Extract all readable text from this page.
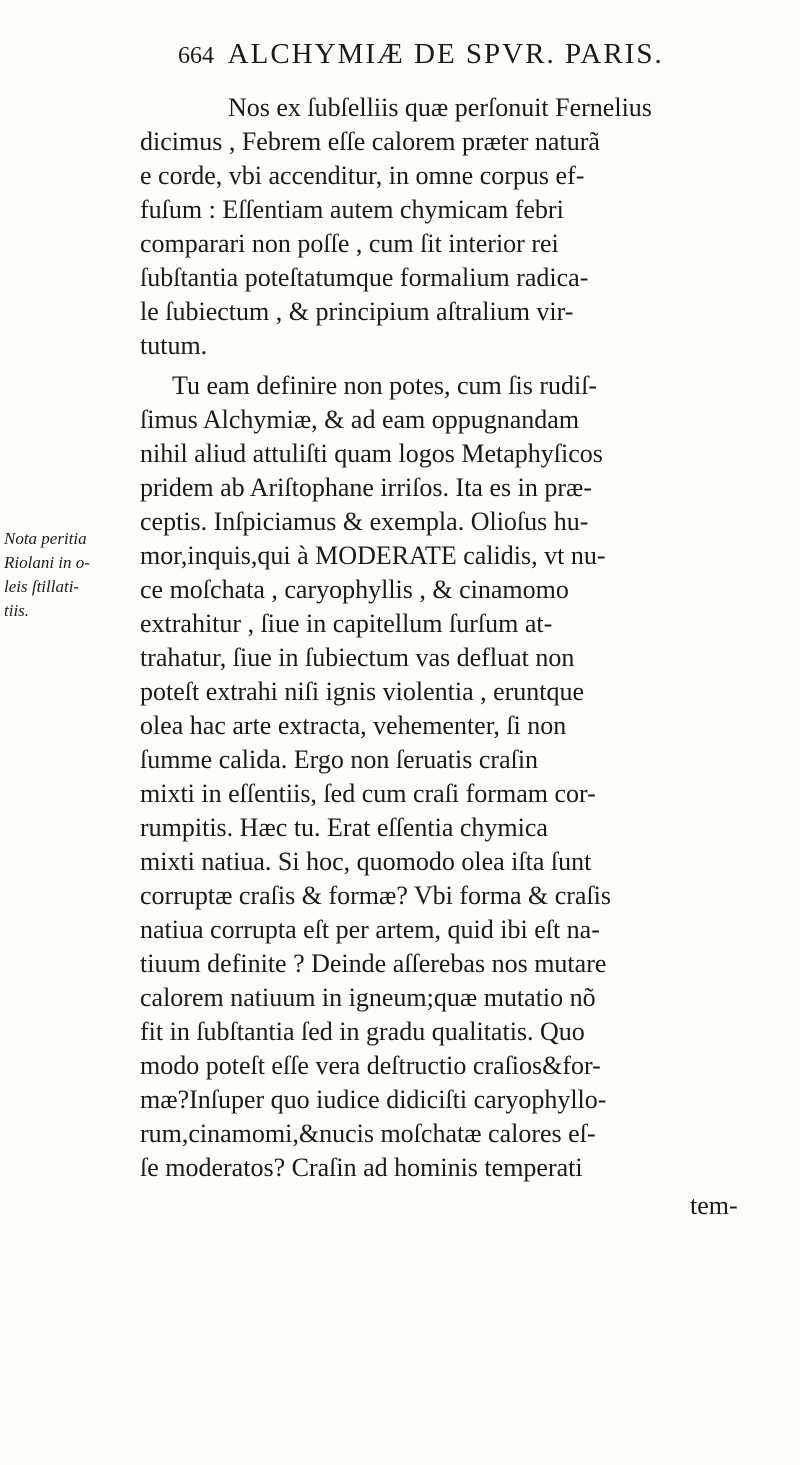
664 ALCHYMIÆ DE SPVR. PARIS.
Nota peritia
Riolani in o-
leis ſtillati-
tiis.
Nos ex ſubſelliis quæ perſonuit Fernelius
dicimus , Febrem eſſe calorem præter naturã
e corde, vbi accenditur, in omne corpus ef-
fuſum : Eſſentiam autem chymicam febri
comparari non poſſe , cum ſit interior rei
ſubſtantia poteſtatumque formalium radica-
le ſubiectum , & principium aſtralium vir-
tutum.
Tu eam definire non potes, cum ſis rudiſ-
ſimus Alchymiæ, & ad eam oppugnandam
nihil aliud attuliſti quam logos Metaphyſicos
pridem ab Ariſtophane irriſos. Ita es in præ-
ceptis. Inſpiciamus & exempla. Olioſus hu-
mor,inquis,qui à MODERATE calidis, vt nu-
ce moſchata , caryophyllis , & cinamomo
extrahitur , ſiue in capitellum ſurſum at-
trahatur, ſiue in ſubiectum vas defluat non
poteſt extrahi niſi ignis violentia , eruntque
olea hac arte extracta, vehementer, ſi non
ſumme calida. Ergo non ſeruatis craſin
mixti in eſſentiis, ſed cum craſi formam cor-
rumpitis. Hæc tu. Erat eſſentia chymica
mixti natiua. Si hoc, quomodo olea iſta ſunt
corruptæ craſis & formæ? Vbi forma & craſis
natiua corrupta eſt per artem, quid ibi eſt na-
tiuum definite ? Deinde aſſerebas nos mutare
calorem natiuum in igneum;quæ mutatio nõ
fit in ſubſtantia ſed in gradu qualitatis. Quo
modo poteſt eſſe vera deſtructio craſios&for-
mæ?Inſuper quo iudice didiciſti caryophyllo-
rum,cinamomi,&nucis moſchatæ calores eſ-
ſe moderatos? Craſin ad hominis temperati
tem-
